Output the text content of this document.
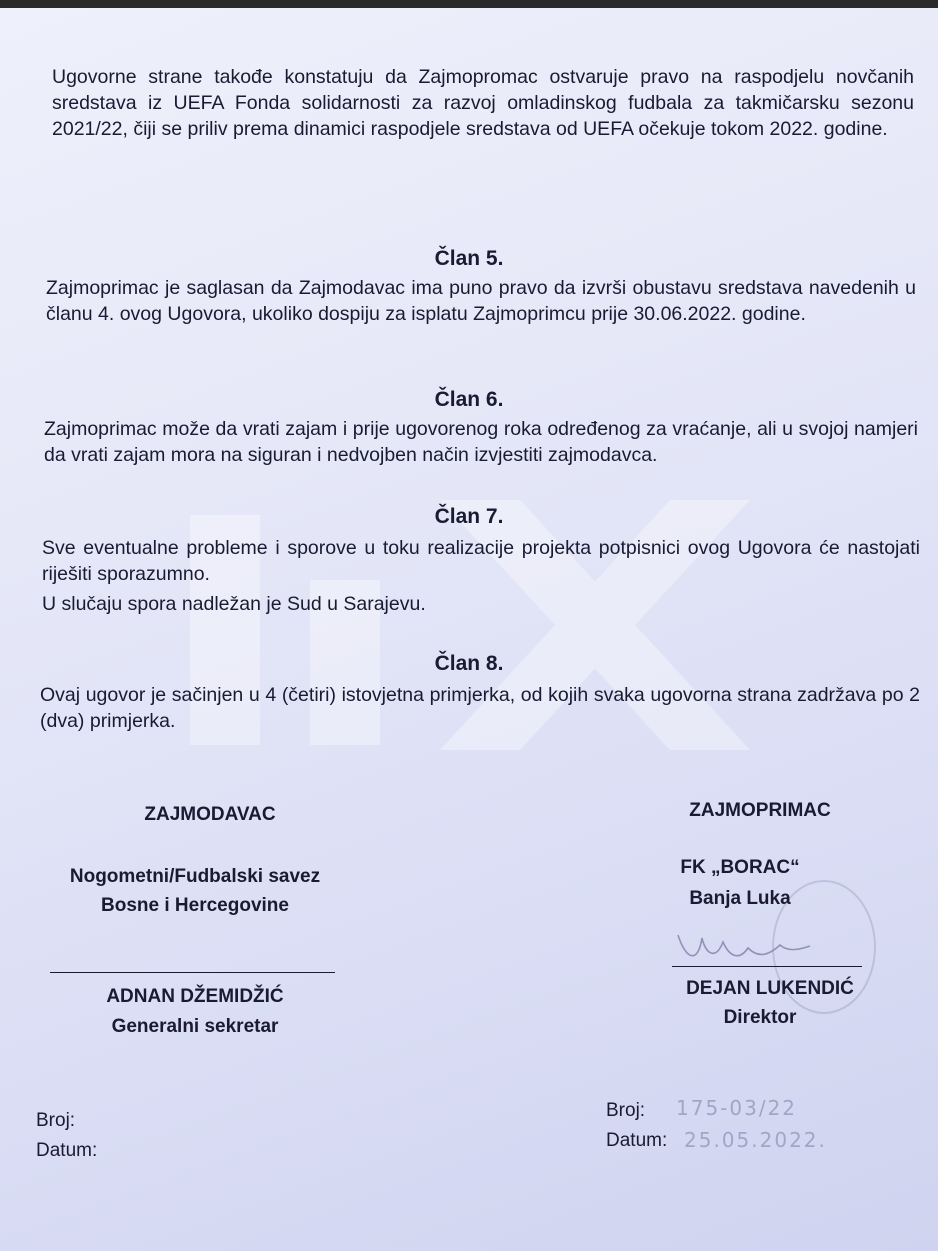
Ugovorne strane takođe konstatuju da Zajmopromac ostvaruje pravo na raspodjelu novčanih sredstava iz UEFA Fonda solidarnosti za razvoj omladinskog fudbala za takmičarsku sezonu 2021/22, čiji se priliv prema dinamici raspodjele sredstava od UEFA očekuje tokom 2022. godine.
Član 5.
Zajmoprimac je saglasan da Zajmodavac ima puno pravo da izvrši obustavu sredstava navedenih u članu 4. ovog Ugovora, ukoliko dospiju za isplatu Zajmoprimcu prije 30.06.2022. godine.
Član 6.
Zajmoprimac može da vrati zajam i prije ugovorenog roka određenog za vraćanje, ali u svojoj namjeri da vrati zajam mora na siguran i nedvojben način izvjestiti zajmodavca.
Član 7.
Sve eventualne probleme i sporove u toku realizacije projekta potpisnici ovog Ugovora će nastojati riješiti sporazumno.
U slučaju spora nadležan je Sud u Sarajevu.
Član 8.
Ovaj ugovor je sačinjen u 4 (četiri) istovjetna primjerka, od kojih svaka ugovorna strana zadržava po 2 (dva) primjerka.
ZAJMODAVAC
Nogometni/Fudbalski savez
Bosne i Hercegovine
ADNAN DŽEMIDŽIĆ
Generalni sekretar
Broj:
Datum:
ZAJMOPRIMAC
FK „BORAC“
Banja Luka
DEJAN LUKENDIĆ
Direktor
Broj: 175-03/22
Datum: 25.05.2022.
